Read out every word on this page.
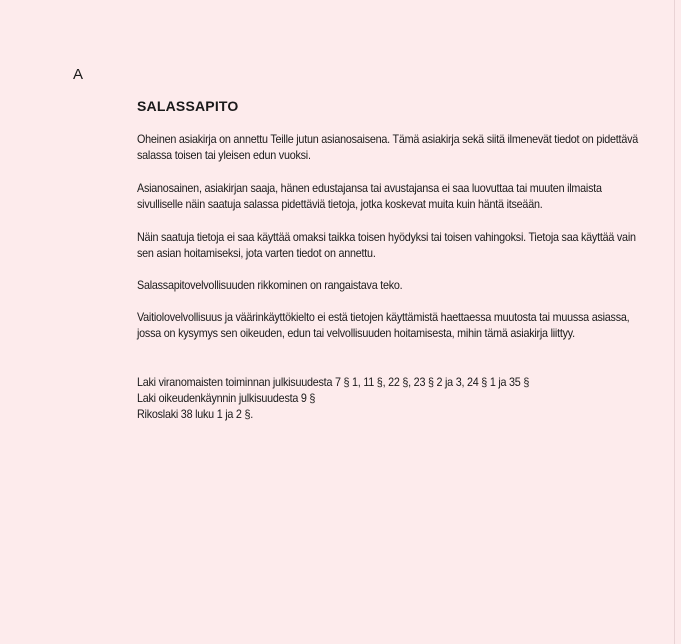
A
SALASSAPITO

Oheinen asiakirja on annettu Teille jutun asianosaisena. Tämä asiakirja sekä siitä ilmenevät tiedot on pidettävä salassa toisen tai yleisen edun vuoksi.

Asianosainen, asiakirjan saaja, hänen edustajansa tai avustajansa ei saa luovuttaa tai muuten ilmaista sivulliselle näin saatuja salassa pidettäviä tietoja, jotka koskevat muita kuin häntä itseään.

Näin saatuja tietoja ei saa käyttää omaksi taikka toisen hyödyksi tai toisen vahingoksi. Tietoja saa käyttää vain sen asian hoitamiseksi, jota varten tiedot on annettu.

Salassapitovelvollisuuden rikkominen on rangaistava teko.

Vaitiolovelvollisuus ja väärinkäyttökielto ei estä tietojen käyttämistä haettaessa muutosta tai muussa asiassa, jossa on kysymys sen oikeuden, edun tai velvollisuuden hoitamisesta, mihin tämä asiakirja liittyy.

Laki viranomaisten toiminnan julkisuudesta 7 § 1, 11 §, 22 §, 23 § 2 ja 3, 24 § 1 ja 35 §
Laki oikeudenkäynnin julkisuudesta 9 §
Rikoslaki 38 luku 1 ja 2 §.
